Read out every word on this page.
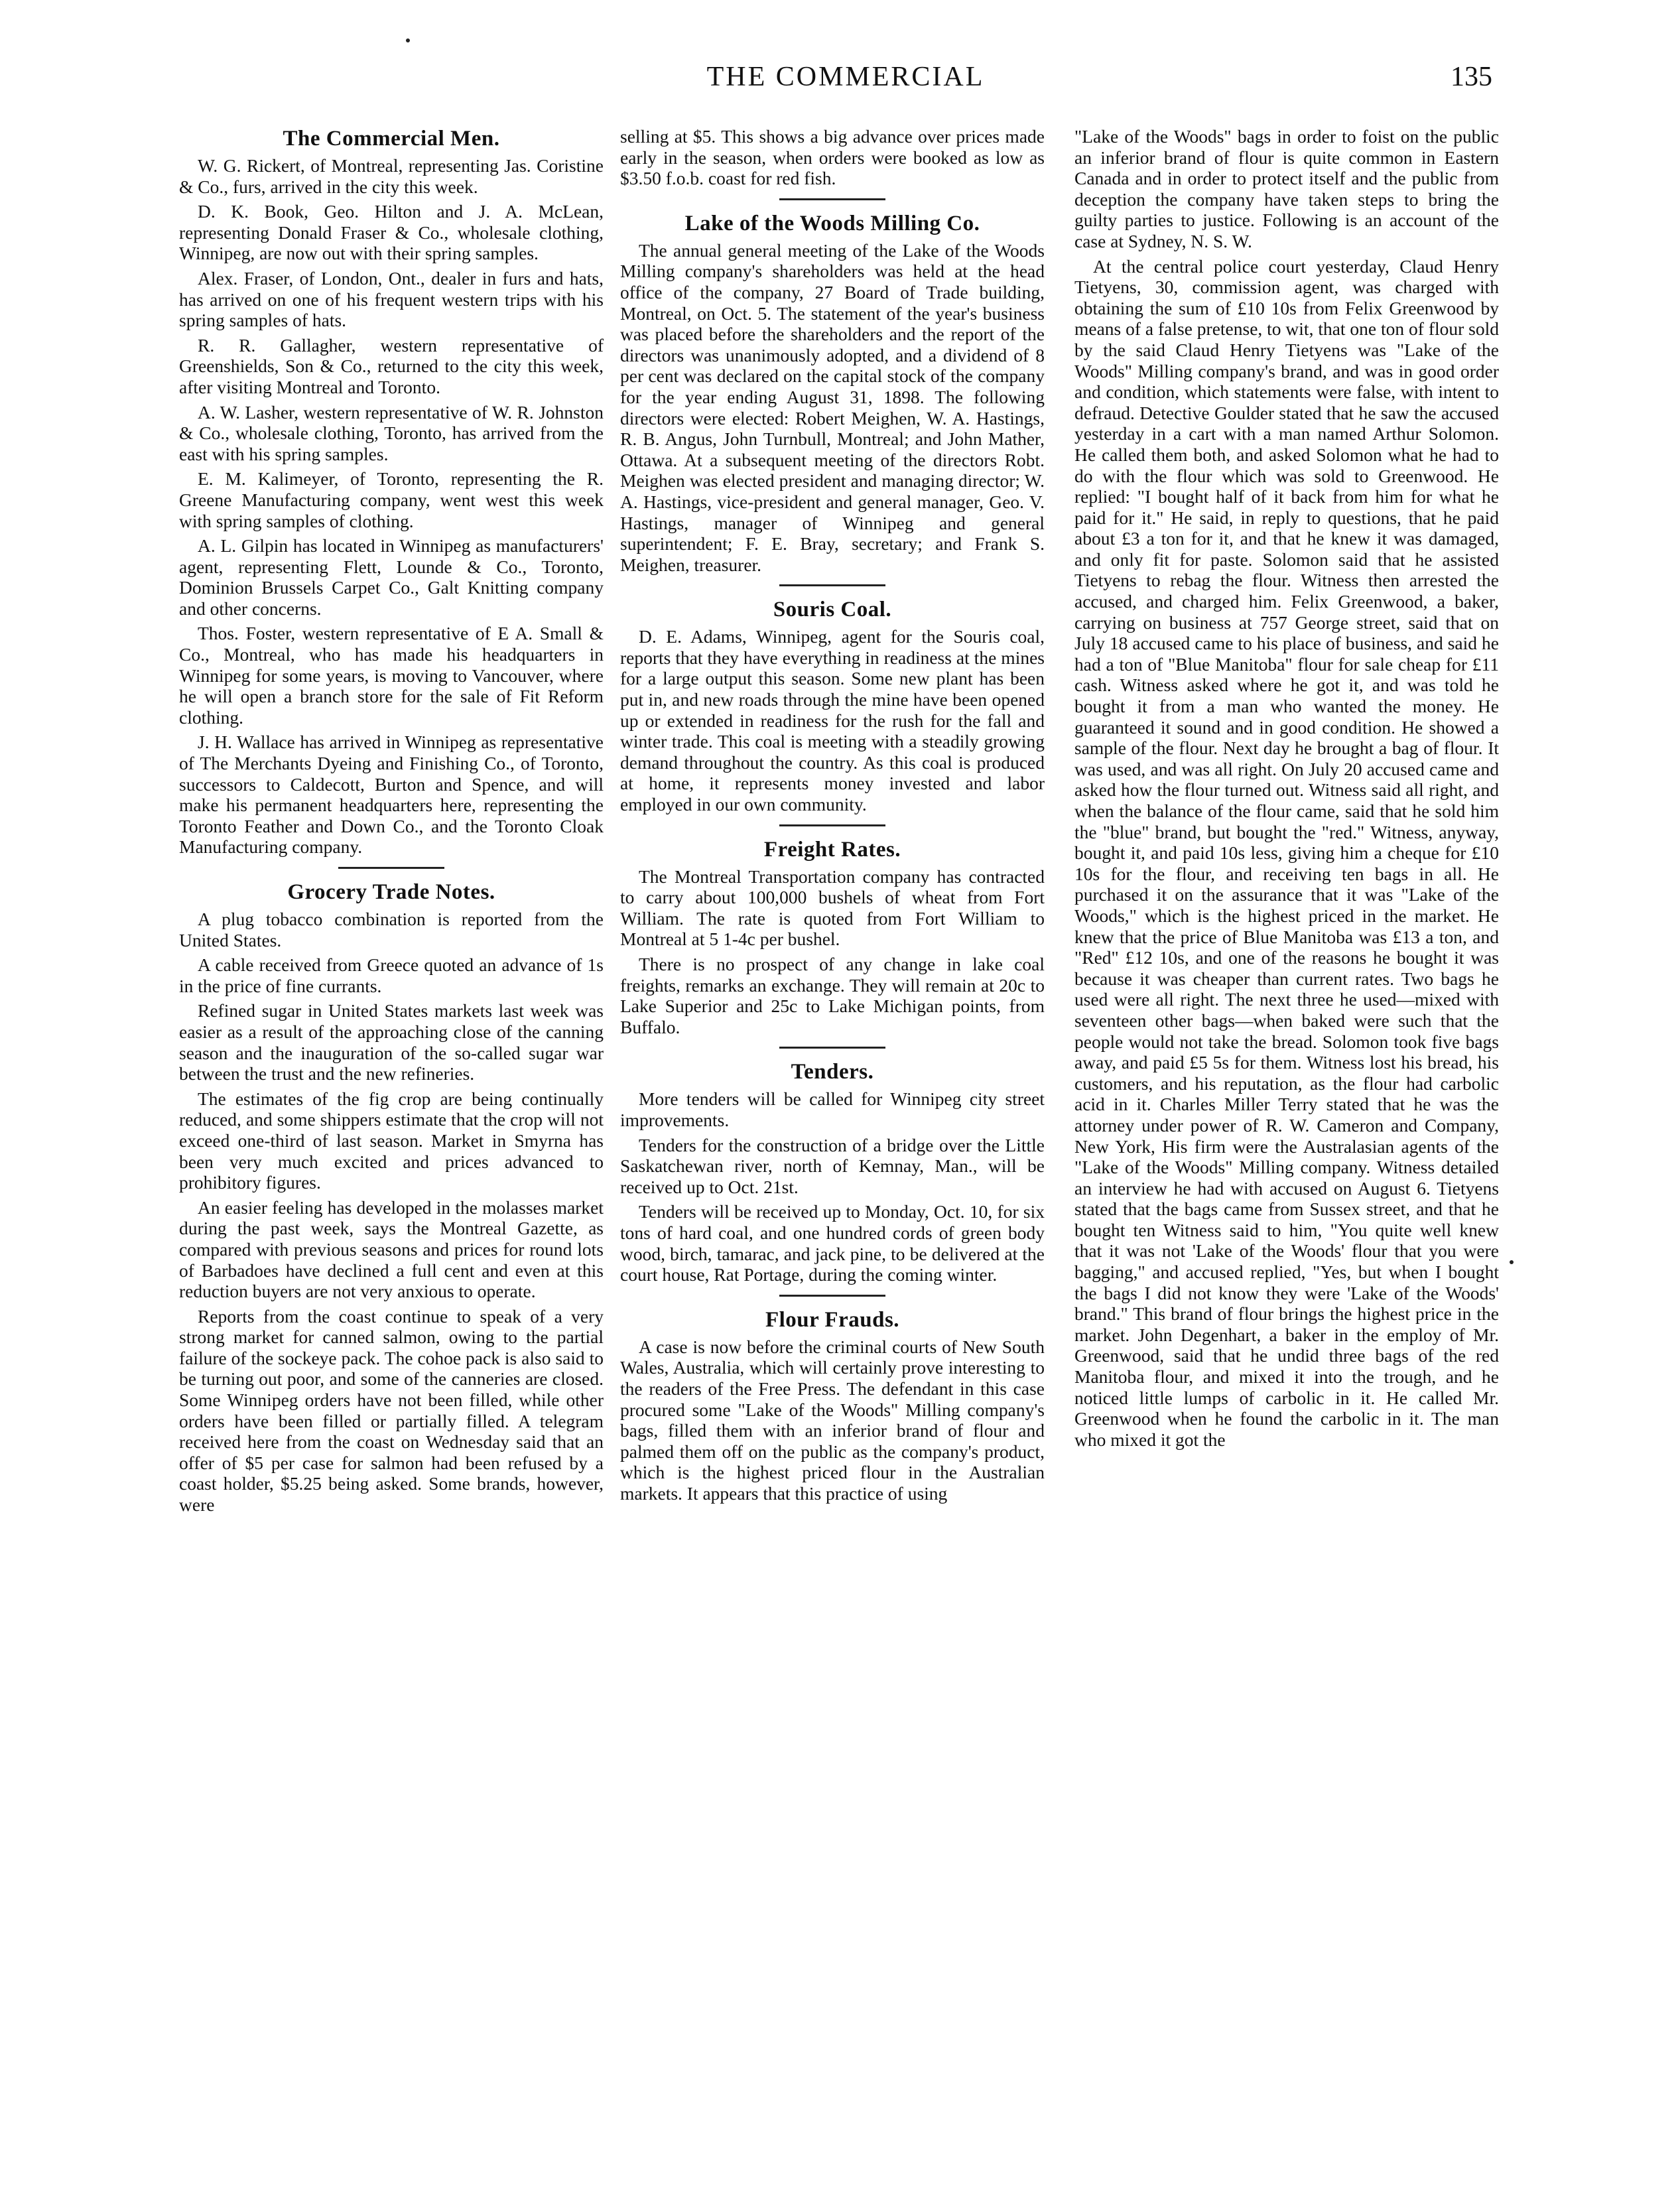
THE COMMERCIAL	135
The Commercial Men.

W. G. Rickert, of Montreal, representing Jas. Coristine & Co., furs, arrived in the city this week.

D. K. Book, Geo. Hilton and J. A. McLean, representing Donald Fraser & Co., wholesale clothing, Winnipeg, are now out with their spring samples.

Alex. Fraser, of London, Ont., dealer in furs and hats, has arrived on one of his frequent western trips with his spring samples of hats.

R. R. Gallagher, western representative of Greenshields, Son & Co., returned to the city this week, after visiting Montreal and Toronto.

A. W. Lasher, western representative of W. R. Johnston & Co., wholesale clothing, Toronto, has arrived from the east with his spring samples.

E. M. Kalimeyer, of Toronto, representing the R. Greene Manufacturing company, went west this week with spring samples of clothing.

A. L. Gilpin has located in Winnipeg as manufacturers' agent, representing Flett, Lounde & Co., Toronto, Dominion Brussels Carpet Co., Galt Knitting company and other concerns.

Thos. Foster, western representative of E A. Small & Co., Montreal, who has made his headquarters in Winnipeg for some years, is moving to Vancouver, where he will open a branch store for the sale of Fit Reform clothing.

J. H. Wallace has arrived in Winnipeg as representative of The Merchants Dyeing and Finishing Co., of Toronto, successors to Caldecott, Burton and Spence, and will make his permanent headquarters here, representing the Toronto Feather and Down Co., and the Toronto Cloak Manufacturing company.

Grocery Trade Notes.

A plug tobacco combination is reported from the United States.

A cable received from Greece quoted an advance of 1s in the price of fine currants.

Refined sugar in United States markets last week was easier as a result of the approaching close of the canning season and the inauguration of the so-called sugar war between the trust and the new refineries.

The estimates of the fig crop are being continually reduced, and some shippers estimate that the crop will not exceed one-third of last season. Market in Smyrna has been very much excited and prices advanced to prohibitory figures.

An easier feeling has developed in the molasses market during the past week, says the Montreal Gazette, as compared with previous seasons and prices for round lots of Barbadoes have declined a full cent and even at this reduction buyers are not very anxious to operate.

Reports from the coast continue to speak of a very strong market for canned salmon, owing to the partial failure of the sockeye pack. The cohoe pack is also said to be turning out poor, and some of the canneries are closed. Some Winnipeg orders have not been filled, while other orders have been filled or partially filled. A telegram received here from the coast on Wednesday said that an offer of $5 per case for salmon had been refused by a coast holder, $5.25 being asked. Some brands, however, were

selling at $5. This shows a big advance over prices made early in the season, when orders were booked as low as $3.50 f.o.b. coast for red fish.

Lake of the Woods Milling Co.

The annual general meeting of the Lake of the Woods Milling company's shareholders was held at the head office of the company, 27 Board of Trade building, Montreal, on Oct. 5. The statement of the year's business was placed before the shareholders and the report of the directors was unanimously adopted, and a dividend of 8 per cent was declared on the capital stock of the company for the year ending August 31, 1898. The following directors were elected: Robert Meighen, W. A. Hastings, R. B. Angus, John Turnbull, Montreal; and John Mather, Ottawa. At a subsequent meeting of the directors Robt. Meighen was elected president and managing director; W. A. Hastings, vice-president and general manager, Geo. V. Hastings, manager of Winnipeg and general superintendent; F. E. Bray, secretary; and Frank S. Meighen, treasurer.

Souris Coal.

D. E. Adams, Winnipeg, agent for the Souris coal, reports that they have everything in readiness at the mines for a large output this season. Some new plant has been put in, and new roads through the mine have been opened up or extended in readiness for the rush for the fall and winter trade. This coal is meeting with a steadily growing demand throughout the country. As this coal is produced at home, it represents money invested and labor employed in our own community.

Freight Rates.

The Montreal Transportation company has contracted to carry about 100,000 bushels of wheat from Fort William. The rate is quoted from Fort William to Montreal at 5 1-4c per bushel.

There is no prospect of any change in lake coal freights, remarks an exchange. They will remain at 20c to Lake Superior and 25c to Lake Michigan points, from Buffalo.

Tenders.

More tenders will be called for Winnipeg city street improvements.

Tenders for the construction of a bridge over the Little Saskatchewan river, north of Kemnay, Man., will be received up to Oct. 21st.

Tenders will be received up to Monday, Oct. 10, for six tons of hard coal, and one hundred cords of green body wood, birch, tamarac, and jack pine, to be delivered at the court house, Rat Portage, during the coming winter.

Flour Frauds.

A case is now before the criminal courts of New South Wales, Australia, which will certainly prove interesting to the readers of the Free Press. The defendant in this case procured some "Lake of the Woods" Milling company's bags, filled them with an inferior brand of flour and palmed them off on the public as the company's product, which is the highest priced flour in the Australian markets. It appears that this practice of using

"Lake of the Woods" bags in order to foist on the public an inferior brand of flour is quite common in Eastern Canada and in order to protect itself and the public from deception the company have taken steps to bring the guilty parties to justice. Following is an account of the case at Sydney, N. S. W.

At the central police court yesterday, Claud Henry Tietyens, 30, commission agent, was charged with obtaining the sum of £10 10s from Felix Greenwood by means of a false pretense, to wit, that one ton of flour sold by the said Claud Henry Tietyens was "Lake of the Woods" Milling company's brand, and was in good order and condition, which statements were false, with intent to defraud. Detective Goulder stated that he saw the accused yesterday in a cart with a man named Arthur Solomon. He called them both, and asked Solomon what he had to do with the flour which was sold to Greenwood. He replied: "I bought half of it back from him for what he paid for it." He said, in reply to questions, that he paid about £3 a ton for it, and that he knew it was damaged, and only fit for paste. Solomon said that he assisted Tietyens to rebag the flour. Witness then arrested the accused, and charged him. Felix Greenwood, a baker, carrying on business at 757 George street, said that on July 18 accused came to his place of business, and said he had a ton of "Blue Manitoba" flour for sale cheap for £11 cash. Witness asked where he got it, and was told he bought it from a man who wanted the money. He guaranteed it sound and in good condition. He showed a sample of the flour. Next day he brought a bag of flour. It was used, and was all right. On July 20 accused came and asked how the flour turned out. Witness said all right, and when the balance of the flour came, said that he sold him the "blue" brand, but bought the "red." Witness, anyway, bought it, and paid 10s less, giving him a cheque for £10 10s for the flour, and receiving ten bags in all. He purchased it on the assurance that it was "Lake of the Woods," which is the highest priced in the market. He knew that the price of Blue Manitoba was £13 a ton, and "Red" £12 10s, and one of the reasons he bought it was because it was cheaper than current rates. Two bags he used were all right. The next three he used—mixed with seventeen other bags—when baked were such that the people would not take the bread. Solomon took five bags away, and paid £5 5s for them. Witness lost his bread, his customers, and his reputation, as the flour had carbolic acid in it. Charles Miller Terry stated that he was the attorney under power of R. W. Cameron and Company, New York, His firm were the Australasian agents of the "Lake of the Woods" Milling company. Witness detailed an interview he had with accused on August 6. Tietyens stated that the bags came from Sussex street, and that he bought ten Witness said to him, "You quite well knew that it was not 'Lake of the Woods' flour that you were bagging," and accused replied, "Yes, but when I bought the bags I did not know they were 'Lake of the Woods' brand." This brand of flour brings the highest price in the market. John Degenhart, a baker in the employ of Mr. Greenwood, said that he undid three bags of the red Manitoba flour, and mixed it into the trough, and he noticed little lumps of carbolic in it. He called Mr. Greenwood when he found the carbolic in it. The man who mixed it got the
